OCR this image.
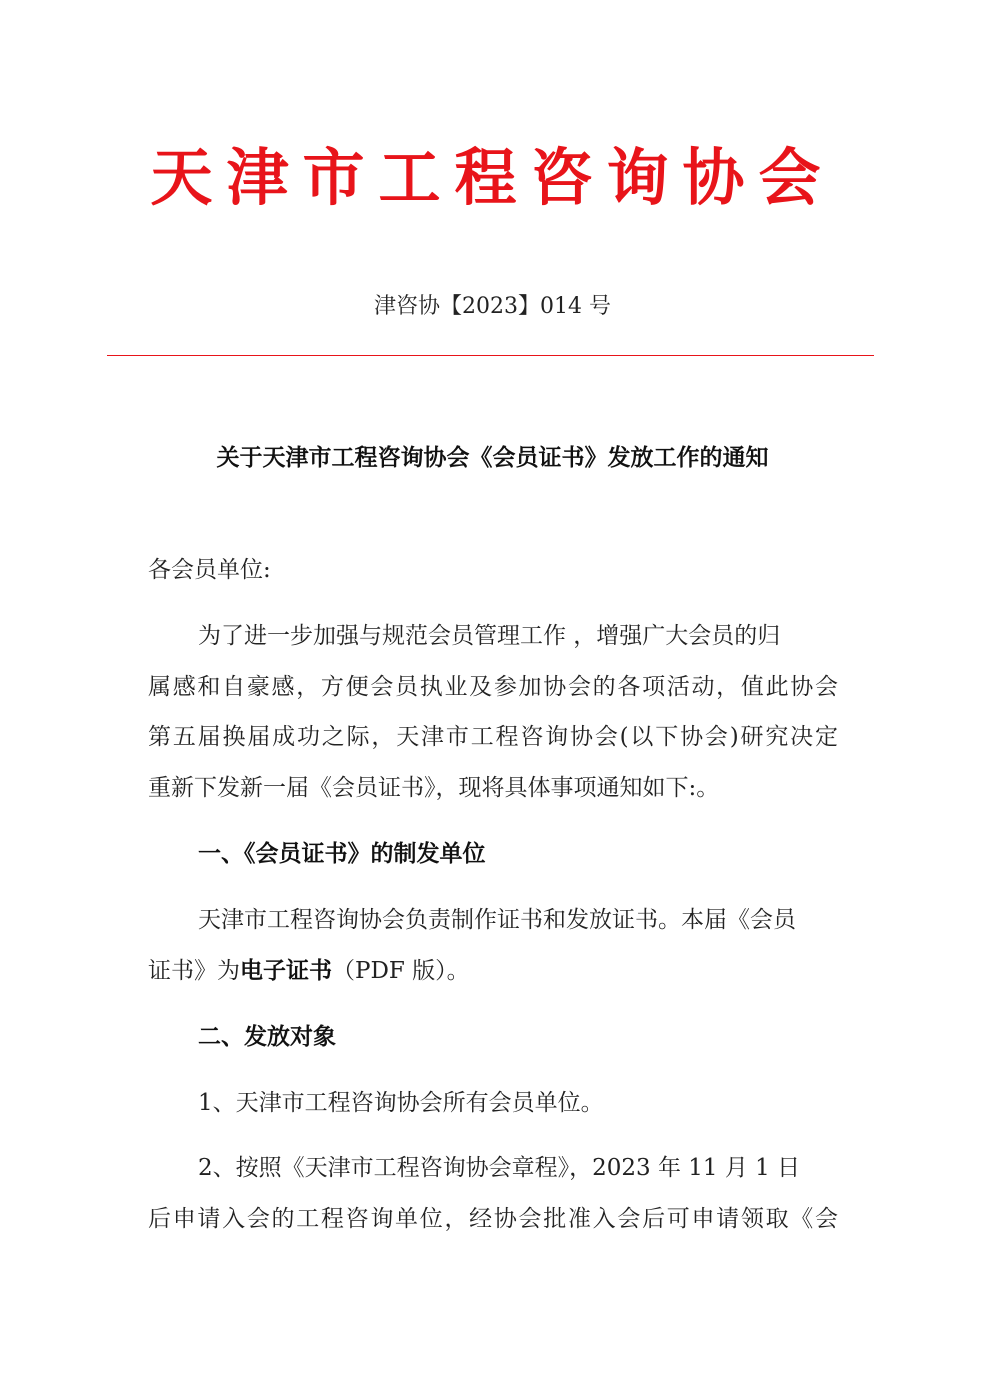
天津市工程咨询协会
津咨协【2023】014 号
关于天津市工程咨询协会《会员证书》发放工作的通知
各会员单位:
为了进一步加强与规范会员管理工作 ，增强广大会员的归
属感和自豪感，方便会员执业及参加协会的各项活动，值此协会
第五届换届成功之际，天津市工程咨询协会(以下协会)研究决定
重新下发新一届《会员证书》，现将具体事项通知如下:。
一、《会员证书》的制发单位
天津市工程咨询协会负责制作证书和发放证书。本届《会员
证书》为电子证书（PDF 版）。
二、发放对象
1、天津市工程咨询协会所有会员单位。
2、按照《天津市工程咨询协会章程》，2023 年 11 月 1 日
后申请入会的工程咨询单位，经协会批准入会后可申请领取《会
